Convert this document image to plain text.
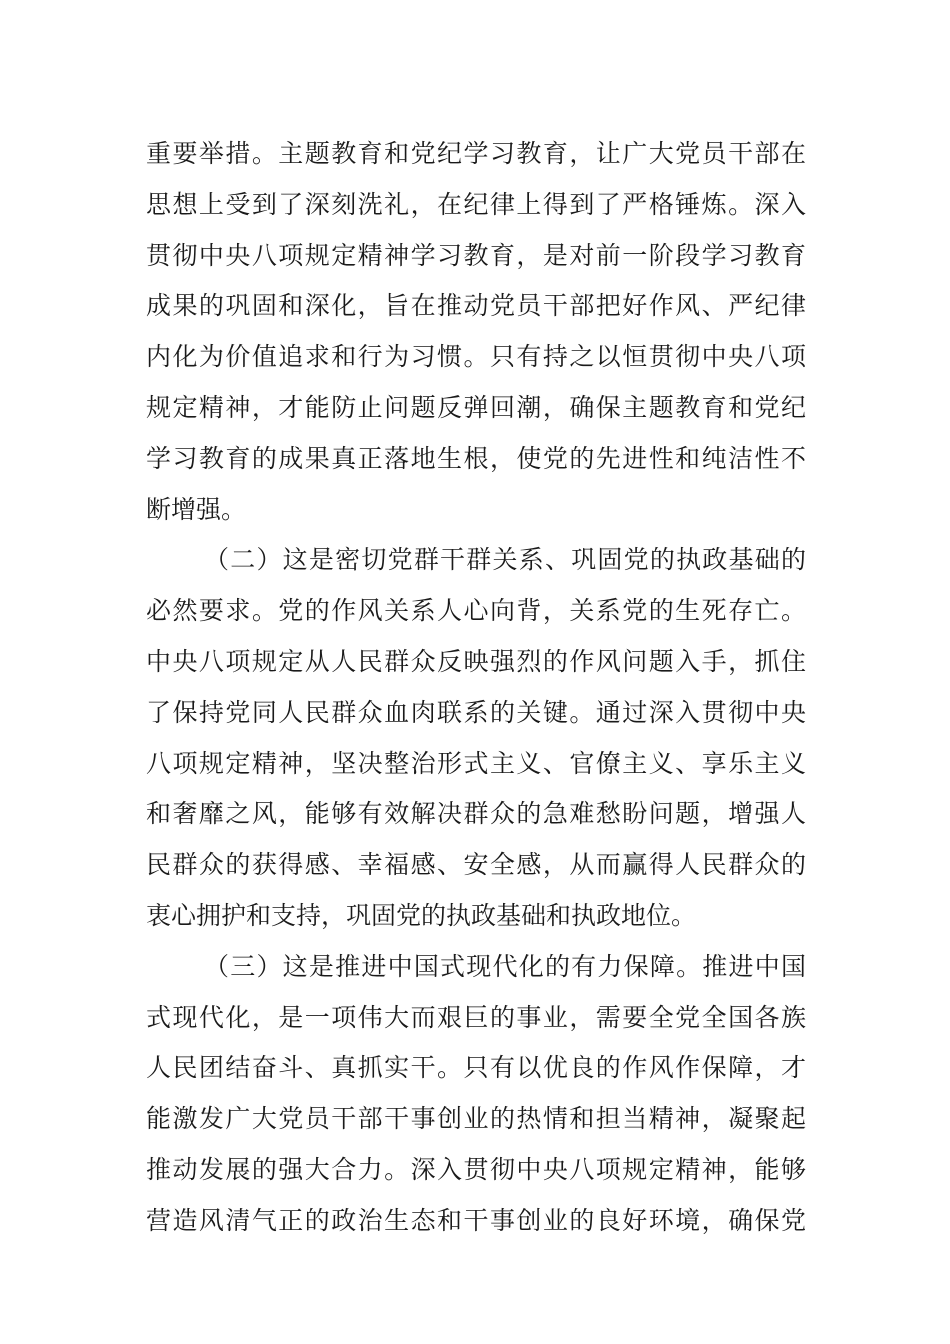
重要举措。主题教育和党纪学习教育，让广大党员干部在
思想上受到了深刻洗礼，在纪律上得到了严格锤炼。深入
贯彻中央八项规定精神学习教育，是对前一阶段学习教育
成果的巩固和深化，旨在推动党员干部把好作风、严纪律
内化为价值追求和行为习惯。只有持之以恒贯彻中央八项
规定精神，才能防止问题反弹回潮，确保主题教育和党纪
学习教育的成果真正落地生根，使党的先进性和纯洁性不
断增强。
（二）这是密切党群干群关系、巩固党的执政基础的
必然要求。党的作风关系人心向背，关系党的生死存亡。
中央八项规定从人民群众反映强烈的作风问题入手，抓住
了保持党同人民群众血肉联系的关键。通过深入贯彻中央
八项规定精神，坚决整治形式主义、官僚主义、享乐主义
和奢靡之风，能够有效解决群众的急难愁盼问题，增强人
民群众的获得感、幸福感、安全感，从而赢得人民群众的
衷心拥护和支持，巩固党的执政基础和执政地位。
（三）这是推进中国式现代化的有力保障。推进中国
式现代化，是一项伟大而艰巨的事业，需要全党全国各族
人民团结奋斗、真抓实干。只有以优良的作风作保障，才
能激发广大党员干部干事创业的热情和担当精神，凝聚起
推动发展的强大合力。深入贯彻中央八项规定精神，能够
营造风清气正的政治生态和干事创业的良好环境，确保党
